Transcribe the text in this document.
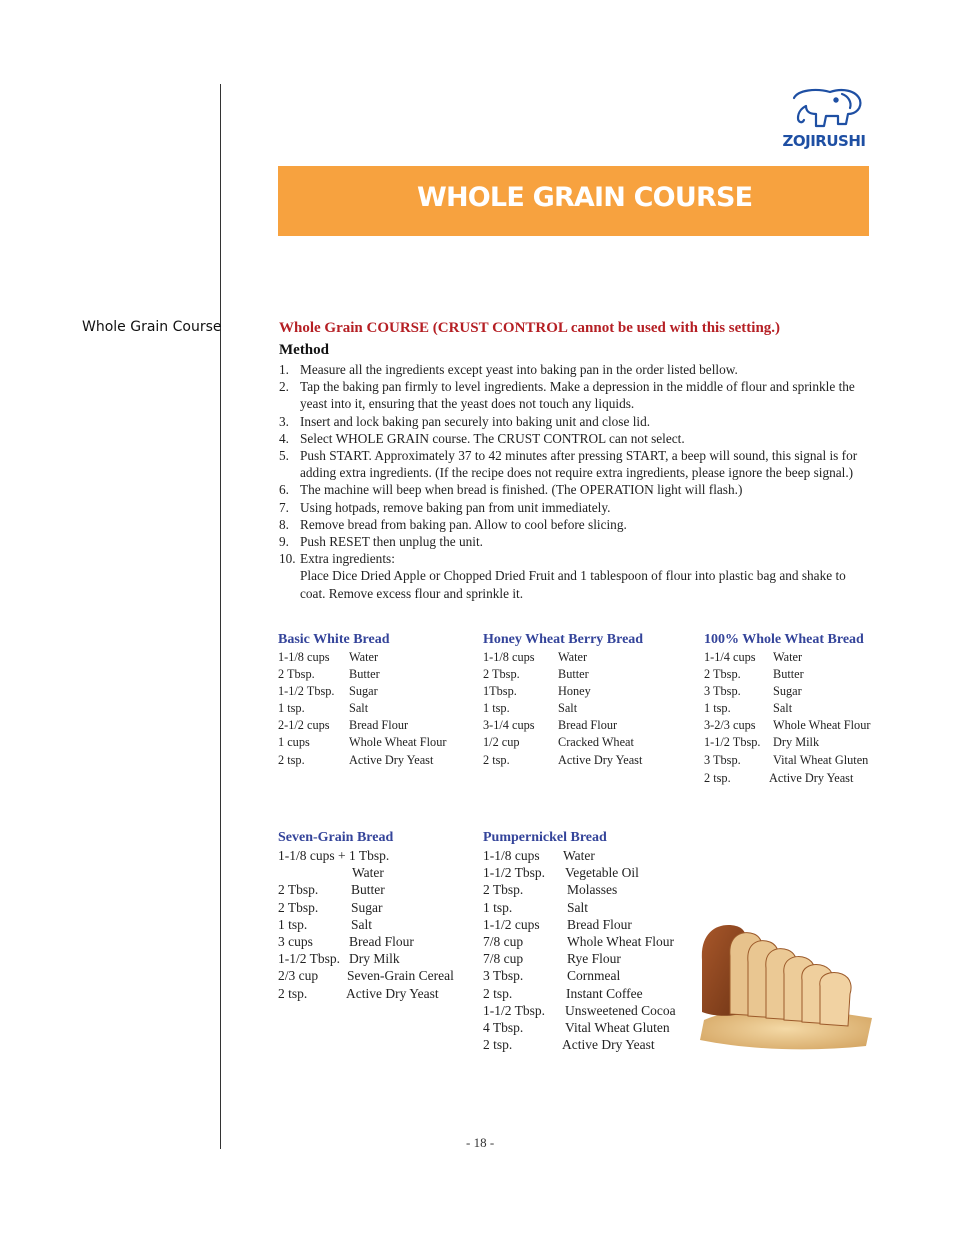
Whole Grain Course
ZOJIRUSHI
WHOLE GRAIN COURSE
Whole Grain COURSE (CRUST CONTROL cannot be used with this setting.)
Method
1. Measure all the ingredients except yeast into baking pan in the order listed bellow.
2. Tap the baking pan firmly to level ingredients. Make a depression in the middle of flour and sprinkle the yeast into it, ensuring that the yeast does not touch any liquids.
3. Insert and lock baking pan securely into baking unit and close lid.
4. Select WHOLE GRAIN course. The CRUST CONTROL can not select.
5. Push START. Approximately 37 to 42 minutes after pressing START, a beep will sound, this signal is for adding extra ingredients. (If the recipe does not require extra ingredients, please ignore the beep signal.)
6. The machine will beep when bread is finished. (The OPERATION light will flash.)
7. Using hotpads, remove baking pan from unit immediately.
8. Remove bread from baking pan. Allow to cool before slicing.
9. Push RESET then unplug the unit.
10. Extra ingredients:
Place Dice Dried Apple or Chopped Dried Fruit and 1 tablespoon of flour into plastic bag and shake to coat. Remove excess flour and sprinkle it.
Basic White Bread
1-1/8 cups Water
2 Tbsp.	Butter
1-1/2 Tbsp. Sugar
1 tsp.	Salt
2-1/2 cups Bread Flour
1 cups	Whole Wheat Flour
2 tsp.	Active Dry Yeast
Honey Wheat Berry Bread
1-1/8 cups Water
2 Tbsp.	Butter
1Tbsp.	Honey
1 tsp.	Salt
3-1/4 cups Bread Flour
1/2 cup	Cracked Wheat
2 tsp.	Active Dry Yeast
100% Whole Wheat Bread
1-1/4 cups Water
2 Tbsp.	Butter
3 Tbsp.	Sugar
1 tsp.	Salt
3-2/3 cups Whole Wheat Flour
1-1/2 Tbsp. Dry Milk
3 Tbsp.	Vital Wheat Gluten
2 tsp.	Active Dry Yeast
Seven-Grain Bread
1-1/8 cups + 1 Tbsp.
Water
2 Tbsp. Butter
2 Tbsp. Sugar
1 tsp.	Salt
3 cups	Bread Flour
1-1/2 Tbsp. Dry Milk
2/3 cup Seven-Grain Cereal
2 tsp.	Active Dry Yeast
Pumpernickel Bread
1-1/8 cups Water
1-1/2 Tbsp. Vegetable Oil
2 Tbsp.	Molasses
1 tsp.	Salt
1-1/2 cups Bread Flour
7/8 cup	Whole Wheat Flour
7/8 cup	Rye Flour
3 Tbsp.	Cornmeal
2 tsp.	Instant Coffee
1-1/2 Tbsp. Unsweetened Cocoa
4 Tbsp.	Vital Wheat Gluten
2 tsp.	Active Dry Yeast
- 18 -
